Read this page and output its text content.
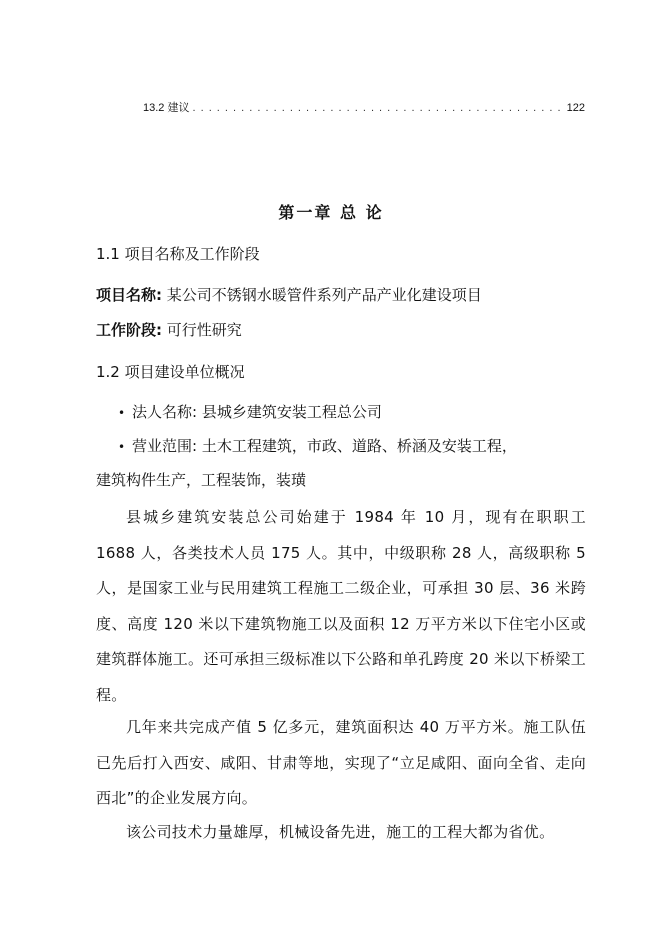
13.2 建议
. . .	122
第一章 总 论
1.1 项目名称及工作阶段
项目名称: 某公司不锈钢水暖管件系列产品产业化建设项目
工作阶段: 可行性研究
1.2 项目建设单位概况
• 法人名称: 县城乡建筑安装工程总公司
• 营业范围: 土木工程建筑，市政、道路、桥涵及安装工程，
建筑构件生产，工程装饰，装璜
县城乡建筑安装总公司始建于 1984 年 10 月，现有在职职工 1688 人，各类技术人员 175 人。其中，中级职称 28 人，高级职称 5 人，是国家工业与民用建筑工程施工二级企业，可承担 30 层、36 米跨度、高度 120 米以下建筑物施工以及面积 12 万平方米以下住宅小区或建筑群体施工。还可承担三级标准以下公路和单孔跨度 20 米以下桥梁工程。
几年来共完成产值 5 亿多元，建筑面积达 40 万平方米。施工队伍已先后打入西安、咸阳、甘肃等地，实现了“立足咸阳、面向全省、走向西北”的企业发展方向。
该公司技术力量雄厚，机械设备先进，施工的工程大都为省优。
